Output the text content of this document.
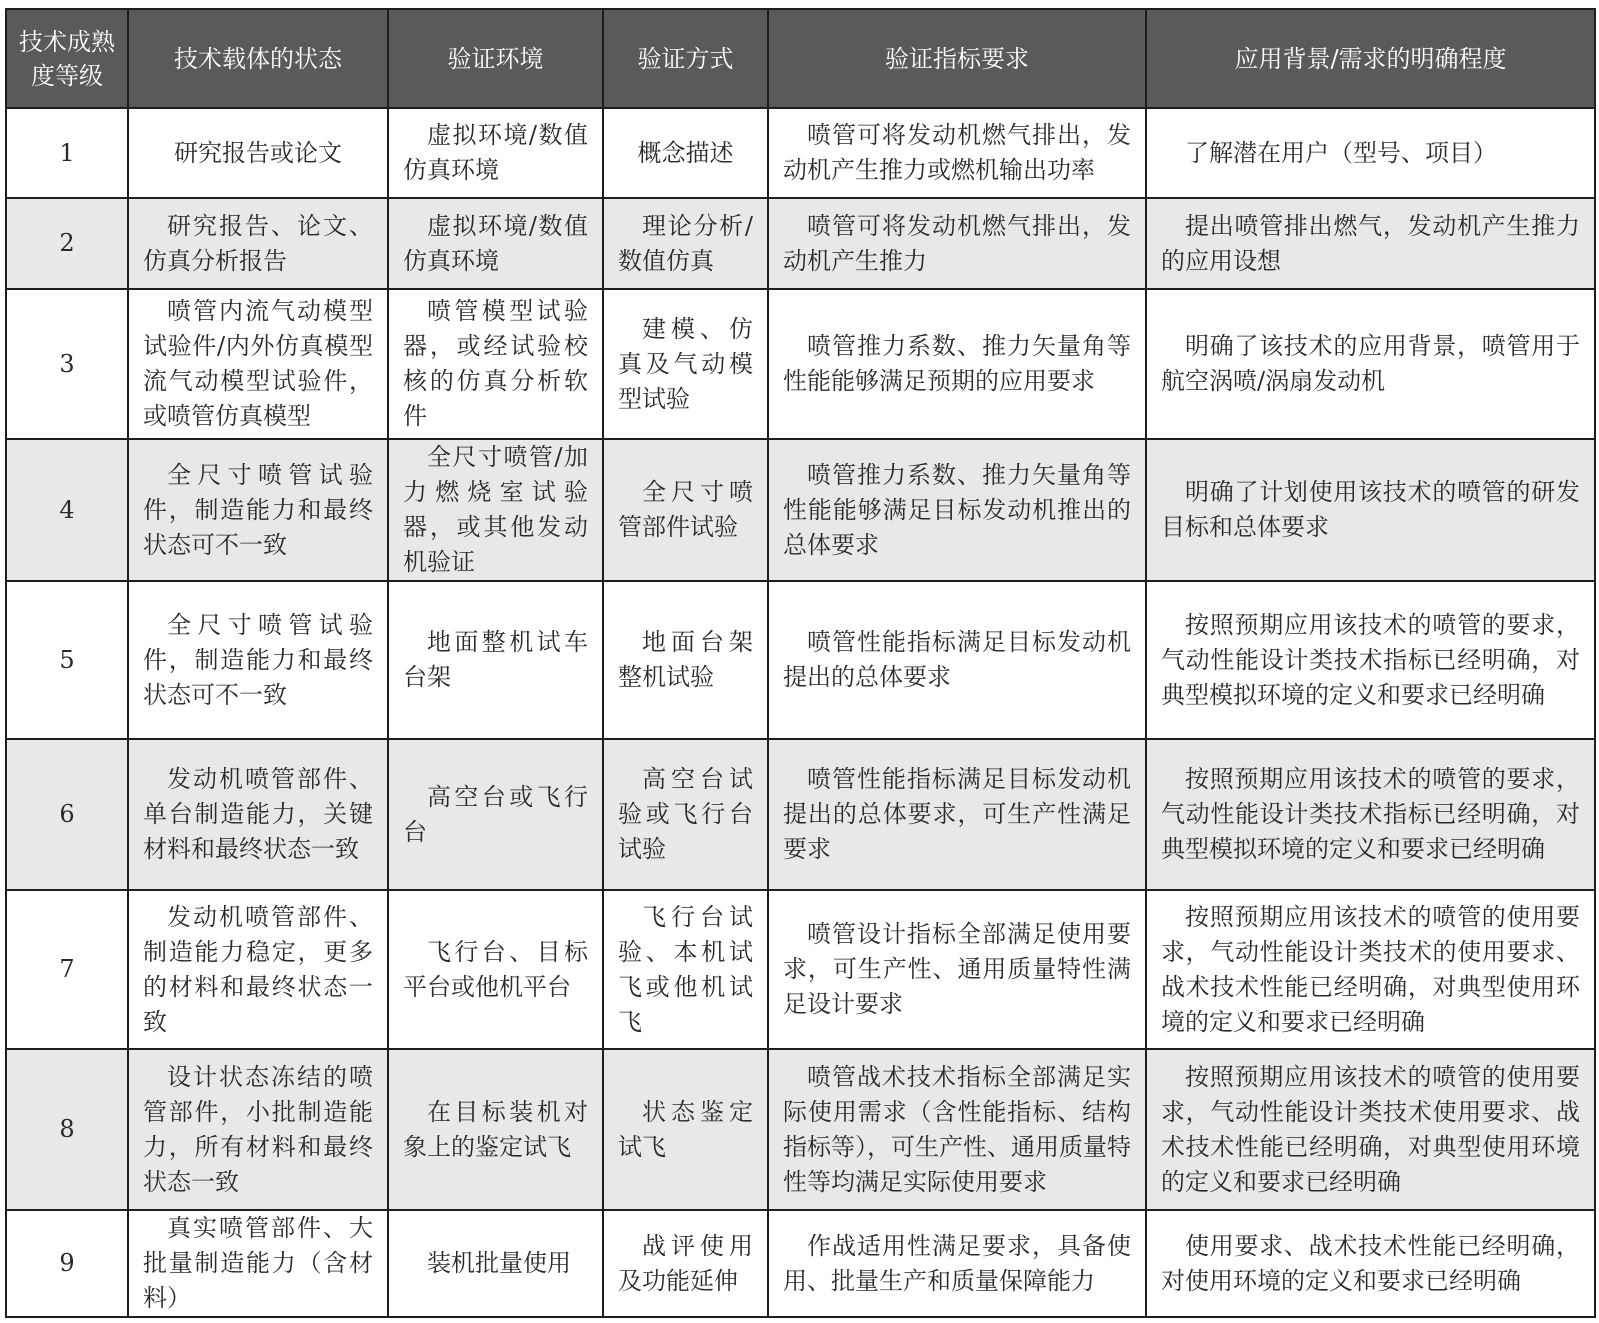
技术成熟度等级	技术载体的状态	验证环境	验证方式	验证指标要求	应用背景/需求的明确程度
1	研究报告或论文	虚拟环境/数值仿真环境	概念描述	喷管可将发动机燃气排出，发动机产生推力或燃机输出功率	了解潜在用户（型号、项目）
2	研究报告、论文、仿真分析报告	虚拟环境/数值仿真环境	理论分析/数值仿真	喷管可将发动机燃气排出，发动机产生推力	提出喷管排出燃气，发动机产生推力的应用设想
3	喷管内流气动模型试验件/内外仿真模型流气动模型试验件，或喷管仿真模型	喷管模型试验器，或经试验校核的仿真分析软件	建模、仿真及气动模型试验	喷管推力系数、推力矢量角等性能能够满足预期的应用要求	明确了该技术的应用背景，喷管用于航空涡喷/涡扇发动机
4	全尺寸喷管试验件，制造能力和最终状态可不一致	全尺寸喷管/加力燃烧室试验器，或其他发动机验证	全尺寸喷管部件试验	喷管推力系数、推力矢量角等性能能够满足目标发动机推出的总体要求	明确了计划使用该技术的喷管的研发目标和总体要求
5	全尺寸喷管试验件，制造能力和最终状态可不一致	地面整机试车台架	地面台架整机试验	喷管性能指标满足目标发动机提出的总体要求	按照预期应用该技术的喷管的要求，气动性能设计类技术指标已经明确，对典型模拟环境的定义和要求已经明确
6	发动机喷管部件、单台制造能力，关键材料和最终状态一致	高空台或飞行台	高空台试验或飞行台试验	喷管性能指标满足目标发动机提出的总体要求，可生产性满足要求	按照预期应用该技术的喷管的要求，气动性能设计类技术指标已经明确，对典型模拟环境的定义和要求已经明确
7	发动机喷管部件、制造能力稳定，更多的材料和最终状态一致	飞行台、目标平台或他机平台	飞行台试验、本机试飞或他机试飞	喷管设计指标全部满足使用要求，可生产性、通用质量特性满足设计要求	按照预期应用该技术的喷管的使用要求，气动性能设计类技术的使用要求、战术技术性能已经明确，对典型使用环境的定义和要求已经明确
8	设计状态冻结的喷管部件，小批制造能力，所有材料和最终状态一致	在目标装机对象上的鉴定试飞	状态鉴定试飞	喷管战术技术指标全部满足实际使用需求（含性能指标、结构指标等），可生产性、通用质量特性等均满足实际使用要求	按照预期应用该技术的喷管的使用要求，气动性能设计类技术使用要求、战术技术性能已经明确，对典型使用环境的定义和要求已经明确
9	真实喷管部件、大批量制造能力（含材料）	装机批量使用	战评使用及功能延伸	作战适用性满足要求，具备使用、批量生产和质量保障能力	使用要求、战术技术性能已经明确，对使用环境的定义和要求已经明确
